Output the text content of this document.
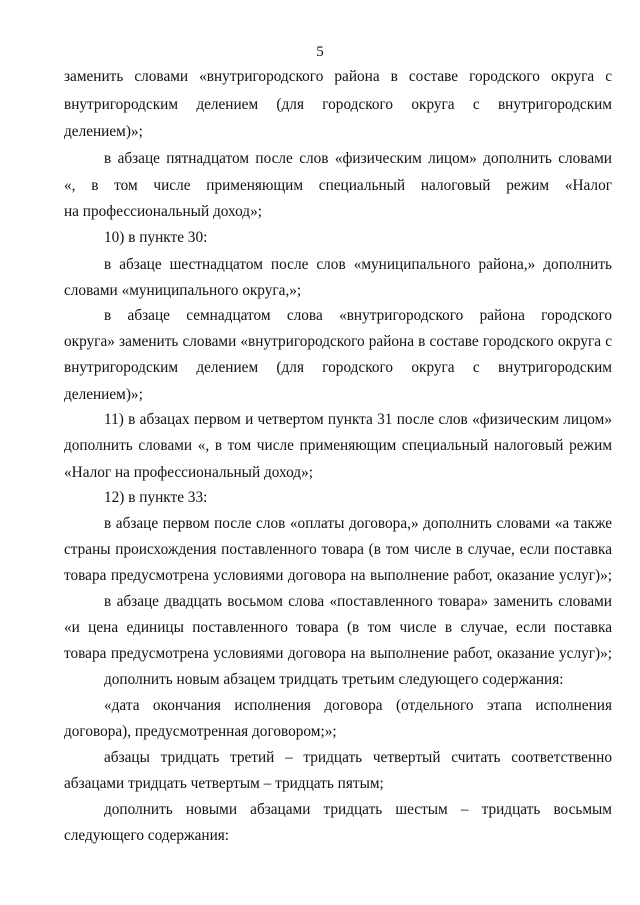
5

заменить словами «внутригородского района в составе городского округа с

внутригородским делением (для городского округа с внутригородским

делением)»;

в абзаце пятнадцатом после слов «физическим лицом» дополнить словами

«, в том числе применяющим специальный налоговый режим «Налог

на профессиональный доход»;

10) в пункте 30:

в абзаце шестнадцатом после слов «муниципального района,» дополнить

словами «муниципального округа,»;

в абзаце семнадцатом слова «внутригородского района городского

округа» заменить словами «внутригородского района в составе городского округа с

внутригородским делением (для городского округа с внутригородским

делением)»;

11) в абзацах первом и четвертом пункта 31 после слов «физическим лицом»

дополнить словами «, в том числе применяющим специальный налоговый режим

«Налог на профессиональный доход»;

12) в пункте 33:

в абзаце первом после слов «оплаты договора,» дополнить словами «а также

страны происхождения поставленного товара (в том числе в случае, если поставка

товара предусмотрена условиями договора на выполнение работ, оказание услуг)»;

в абзаце двадцать восьмом слова «поставленного товара» заменить словами

«и цена единицы поставленного товара (в том числе в случае, если поставка

товара предусмотрена условиями договора на выполнение работ, оказание услуг)»;

дополнить новым абзацем тридцать третьим следующего содержания:

«дата окончания исполнения договора (отдельного этапа исполнения

договора), предусмотренная договором;»;

абзацы тридцать третий – тридцать четвертый считать соответственно

абзацами тридцать четвертым – тридцать пятым;

дополнить новыми абзацами тридцать шестым – тридцать восьмым

следующего содержания:
